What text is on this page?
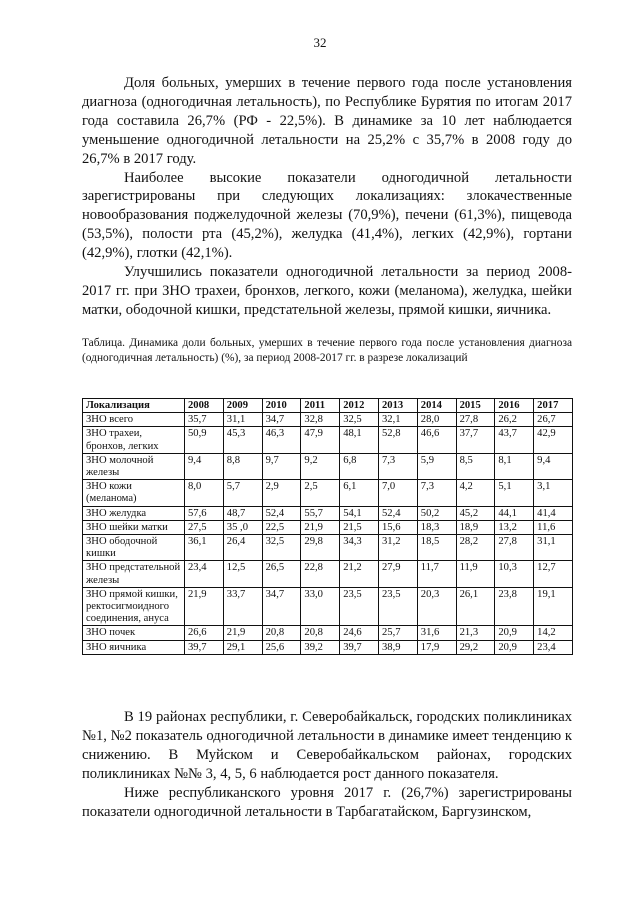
32

Доля больных, умерших в течение первого года после установления диагноза (одногодичная летальность), по Республике Бурятия по итогам 2017 года составила 26,7% (РФ - 22,5%). В динамике за 10 лет наблюдается уменьшение одногодичной летальности на 25,2% с 35,7% в 2008 году до 26,7% в 2017 году.

Наиболее высокие показатели одногодичной летальности зарегистрированы при следующих локализациях: злокачественные новообразования поджелудочной железы (70,9%), печени (61,3%), пищевода (53,5%), полости рта (45,2%), желудка (41,4%), легких (42,9%), гортани (42,9%), глотки (42,1%).

Улучшились показатели одногодичной летальности за период 2008-2017 гг. при ЗНО трахеи, бронхов, легкого, кожи (меланома), желудка, шейки матки, ободочной кишки, предстательной железы, прямой кишки, яичника.

Таблица. Динамика доли больных, умерших в течение первого года после установления диагноза (одногодичная летальность) (%), за период 2008-2017 гг. в разрезе локализаций
Локализация	2008	2009	2010	2011	2012	2013	2014	2015	2016	2017
ЗНО всего	35,7	31,1	34,7	32,8	32,5	32,1	28,0	27,8	26,2	26,7
ЗНО трахеи, бронхов, легких	50,9	45,3	46,3	47,9	48,1	52,8	46,6	37,7	43,7	42,9
ЗНО молочной железы	9,4	8,8	9,7	9,2	6,8	7,3	5,9	8,5	8,1	9,4
ЗНО кожи (меланома)	8,0	5,7	2,9	2,5	6,1	7,0	7,3	4,2	5,1	3,1
ЗНО желудка	57,6	48,7	52,4	55,7	54,1	52,4	50,2	45,2	44,1	41,4
ЗНО шейки матки	27,5	35 ,0	22,5	21,9	21,5	15,6	18,3	18,9	13,2	11,6
ЗНО ободочной кишки	36,1	26,4	32,5	29,8	34,3	31,2	18,5	28,2	27,8	31,1
ЗНО предстательной железы	23,4	12,5	26,5	22,8	21,2	27,9	11,7	11,9	10,3	12,7
ЗНО прямой кишки, ректосигмоидного соединения, ануса	21,9	33,7	34,7	33,0	23,5	23,5	20,3	26,1	23,8	19,1
ЗНО почек	26,6	21,9	20,8	20,8	24,6	25,7	31,6	21,3	20,9	14,2
ЗНО яичника	39,7	29,1	25,6	39,2	39,7	38,9	17,9	29,2	20,9	23,4

В 19 районах республики, г. Северобайкальск, городских поликлиниках №1, №2 показатель одногодичной летальности в динамике имеет тенденцию к снижению. В Муйском и Северобайкальском районах, городских поликлиниках №№ 3, 4, 5, 6 наблюдается рост данного показателя.

Ниже республиканского уровня 2017 г. (26,7%) зарегистрированы показатели одногодичной летальности в Тарбагатайском, Баргузинском,
